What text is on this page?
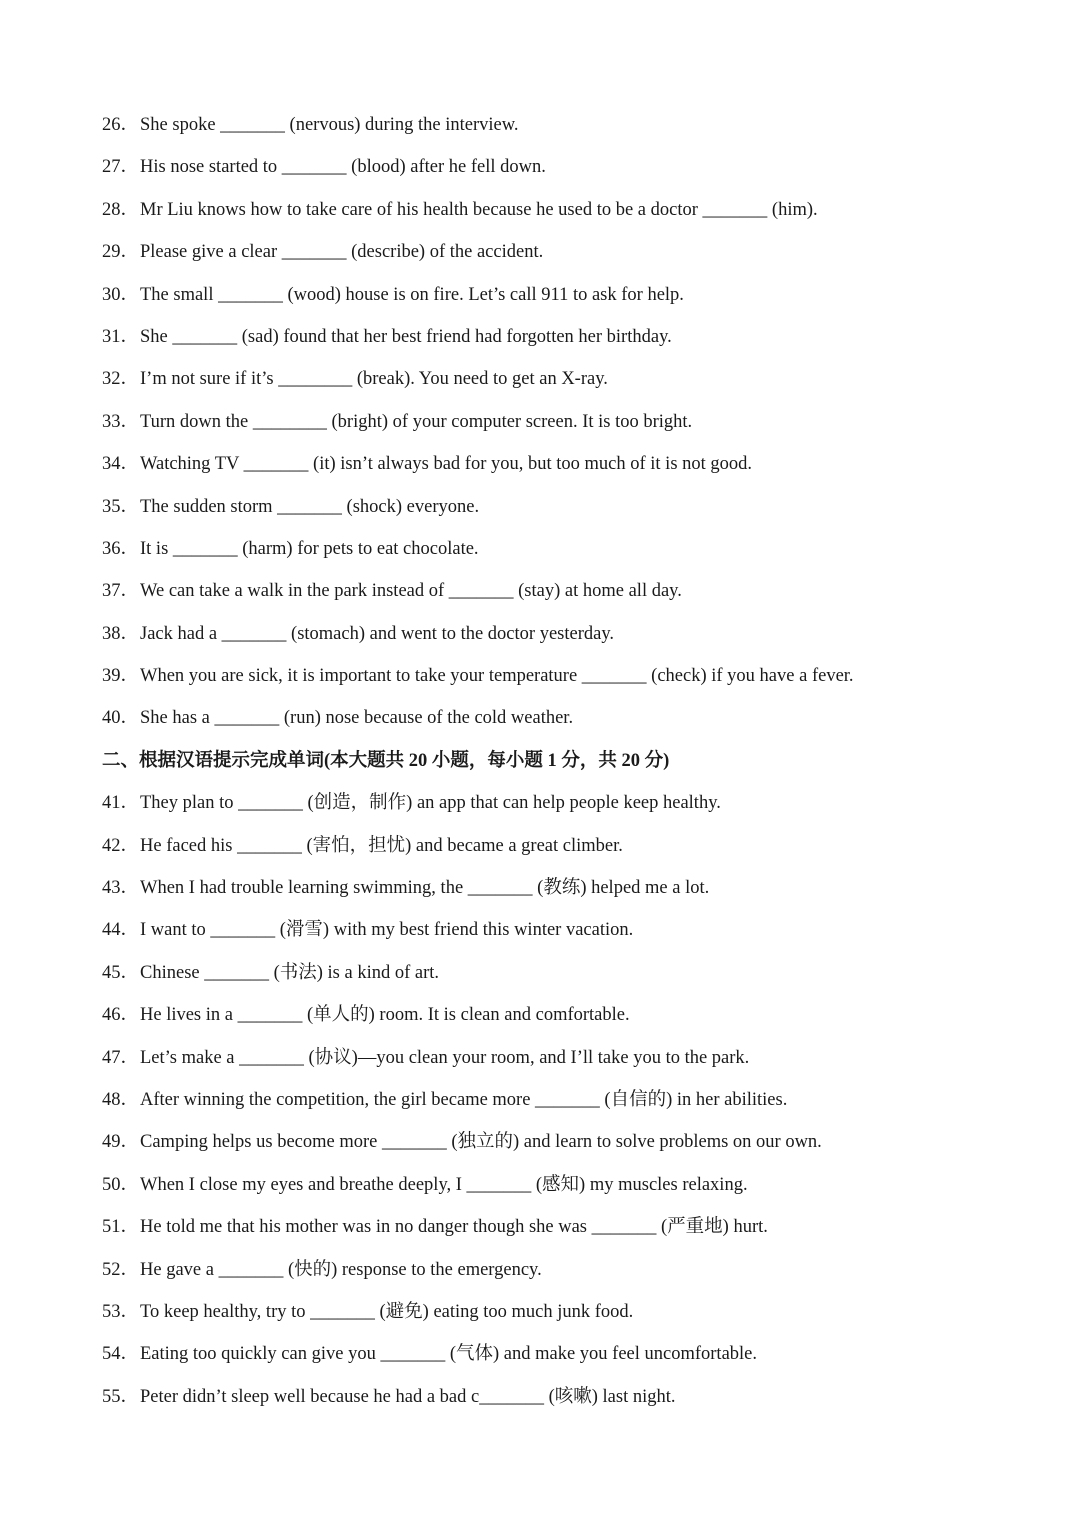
26．She spoke _______ (nervous) during the interview.
27．His nose started to _______ (blood) after he fell down.
28．Mr Liu knows how to take care of his health because he used to be a doctor _______ (him).
29．Please give a clear _______ (describe) of the accident.
30．The small _______ (wood) house is on fire. Let’s call 911 to ask for help.
31．She _______ (sad) found that her best friend had forgotten her birthday.
32．I’m not sure if it’s ________ (break). You need to get an X-ray.
33．Turn down the ________ (bright) of your computer screen. It is too bright.
34．Watching TV _______ (it) isn’t always bad for you, but too much of it is not good.
35．The sudden storm _______ (shock) everyone.
36．It is _______ (harm) for pets to eat chocolate.
37．We can take a walk in the park instead of _______ (stay) at home all day.
38．Jack had a _______ (stomach) and went to the doctor yesterday.
39．When you are sick, it is important to take your temperature _______ (check) if you have a fever.
40．She has a _______ (run) nose because of the cold weather.
二、根据汉语提示完成单词(本大题共 20 小题，每小题 1 分，共 20 分)
41．They plan to _______ (创造，制作) an app that can help people keep healthy.
42．He faced his _______ (害怕，担忧) and became a great climber.
43．When I had trouble learning swimming, the _______ (教练) helped me a lot.
44．I want to _______ (滑雪) with my best friend this winter vacation.
45．Chinese _______ (书法) is a kind of art.
46．He lives in a _______ (单人的) room. It is clean and comfortable.
47．Let’s make a _______ (协议)—you clean your room, and I’ll take you to the park.
48．After winning the competition, the girl became more _______ (自信的) in her abilities.
49．Camping helps us become more _______ (独立的) and learn to solve problems on our own.
50．When I close my eyes and breathe deeply, I _______ (感知) my muscles relaxing.
51．He told me that his mother was in no danger though she was _______ (严重地) hurt.
52．He gave a _______ (快的) response to the emergency.
53．To keep healthy, try to _______ (避免) eating too much junk food.
54．Eating too quickly can give you _______ (气体) and make you feel uncomfortable.
55．Peter didn’t sleep well because he had a bad c_______ (咳嗽) last night.
